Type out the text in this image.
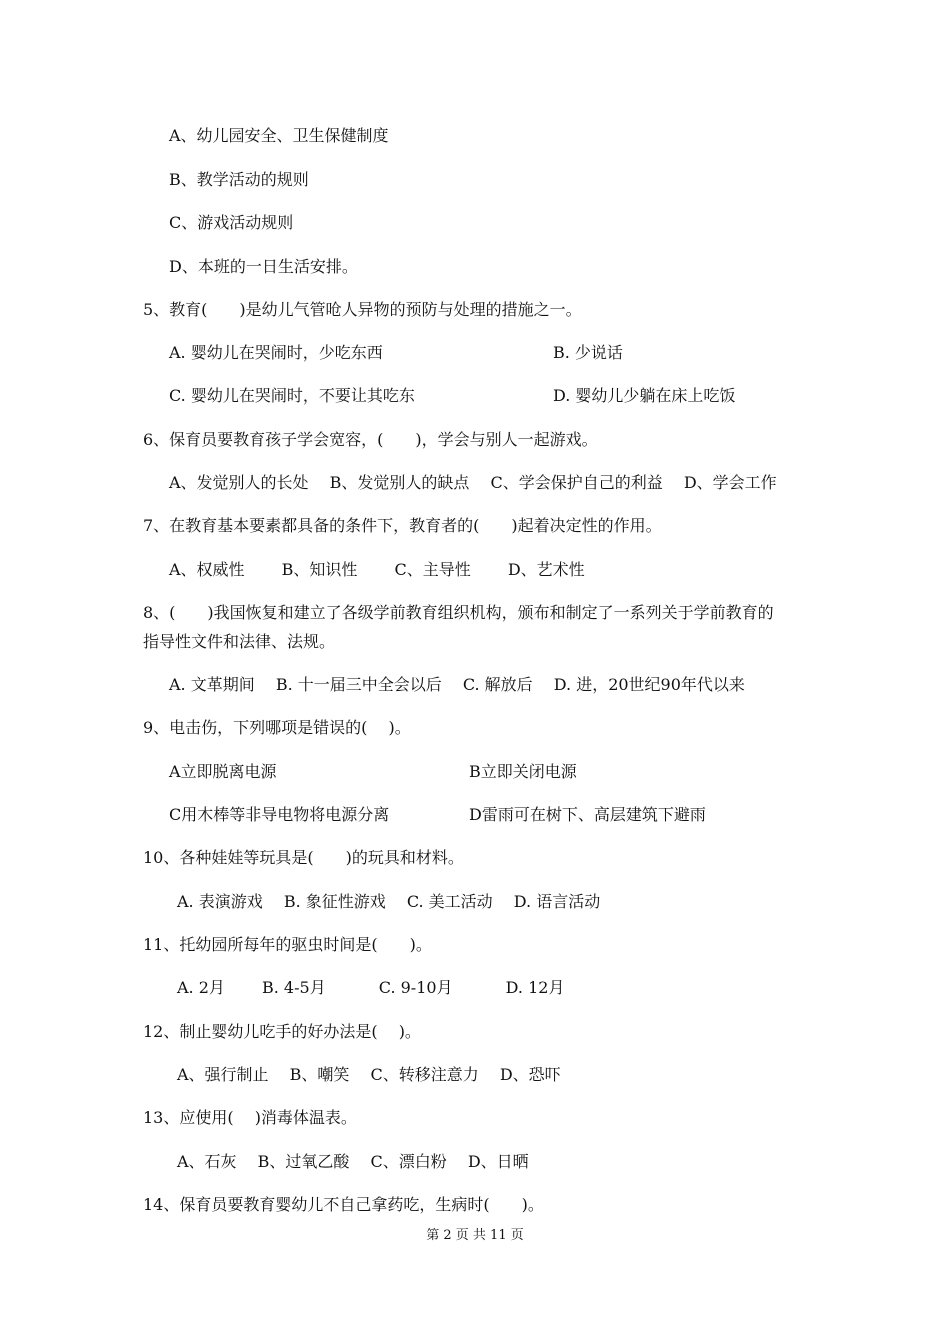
A、幼儿园安全、卫生保健制度
B、教学活动的规则
C、游戏活动规则
D、本班的一日生活安排。
5、教育(　　)是幼儿气管呛人异物的预防与处理的措施之一。
A. 婴幼儿在哭闹时，少吃东西	B. 少说话
C. 婴幼儿在哭闹时，不要让其吃东	D. 婴幼儿少躺在床上吃饭
6、保育员要教育孩子学会宽容，(　　)，学会与别人一起游戏。
A、发觉别人的长处　 B、发觉别人的缺点　 C、学会保护自己的利益　 D、学会工作
7、在教育基本要素都具备的条件下，教育者的(　　)起着决定性的作用。
A、权威性　　 B、知识性　　 C、主导性　　 D、艺术性
8、(　　)我国恢复和建立了各级学前教育组织机构，颁布和制定了一系列关于学前教育的
指导性文件和法律、法规。
A. 文革期间　 B. 十一届三中全会以后　 C. 解放后　 D. 进，20世纪90年代以来
9、电击伤，下列哪项是错误的(　 )。
A立即脱离电源	B立即关闭电源
C用木棒等非导电物将电源分离	D雷雨可在树下、高层建筑下避雨
10、各种娃娃等玩具是(　　)的玩具和材料。
A. 表演游戏　 B. 象征性游戏　 C. 美工活动　 D. 语言活动
11、托幼园所每年的驱虫时间是(　　)。
A. 2月　　 B. 4-5月　　　 C. 9-10月　　　 D. 12月
12、制止婴幼儿吃手的好办法是(　 )。
A、强行制止　 B、嘲笑　 C、转移注意力　 D、恐吓
13、应使用(　 )消毒体温表。
A、石灰　 B、过氧乙酸　 C、漂白粉　 D、日晒
14、保育员要教育婴幼儿不自己拿药吃，生病时(　　)。
第 2 页 共 11 页
